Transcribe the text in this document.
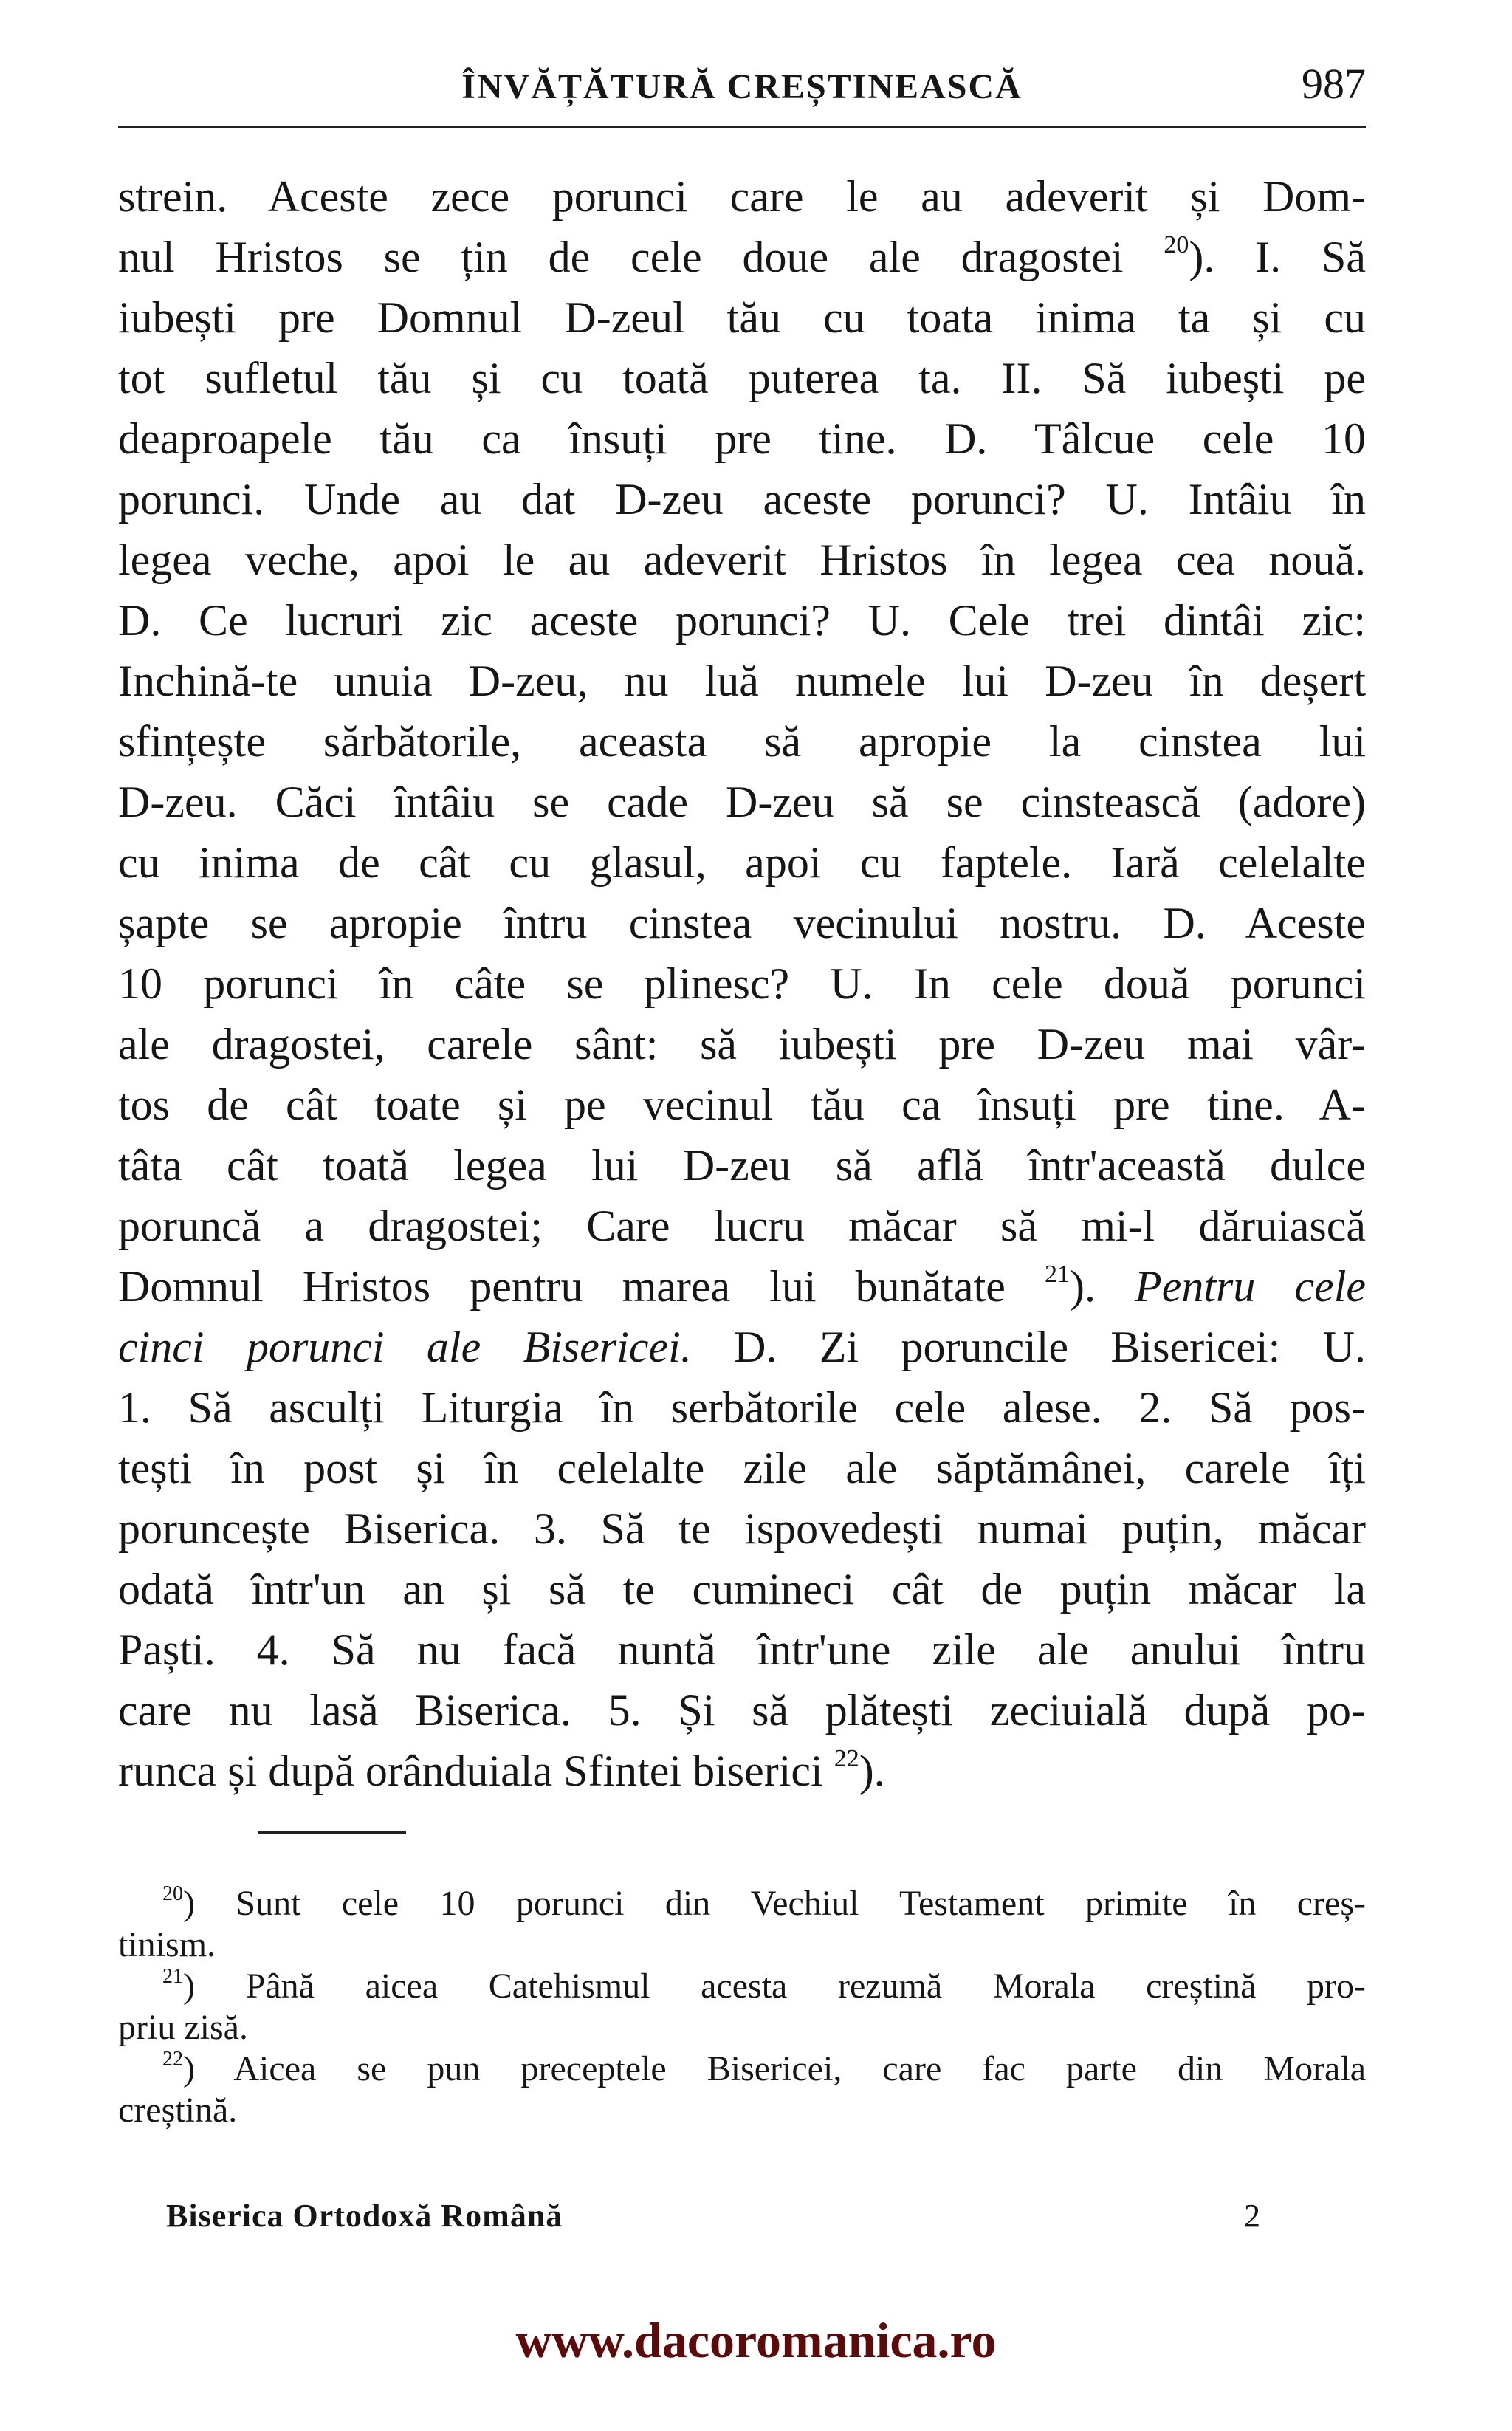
ÎNVĂȚĂTURĂ CREȘTINEASCĂ	987
strein. Aceste zece porunci care le au adeverit și Dom-
nul Hristos se țin de cele doue ale dragostei $^{20}$). I. Să
iubești pre Domnul D-zeul tău cu toata inima ta și cu
tot sufletul tău și cu toată puterea ta. II. Să iubești pe
deaproapele tău ca însuți pre tine. D. Tâlcue cele 10
porunci. Unde au dat D-zeu aceste porunci? U. Intâiu în
legea veche, apoi le au adeverit Hristos în legea cea nouă.
D. Ce lucruri zic aceste porunci? U. Cele trei dintâi zic:
Inchină-te unuia D-zeu, nu luă numele lui D-zeu în deșert
sfințește sărbătorile, aceasta să apropie la cinstea lui
D-zeu. Căci întâiu se cade D-zeu să se cinstească (adore)
cu inima de cât cu glasul, apoi cu faptele. Iară celelalte
șapte se apropie întru cinstea vecinului nostru. D. Aceste
10 porunci în câte se plinesc? U. In cele două porunci
ale dragostei, carele sânt: să iubești pre D-zeu mai vâr-
tos de cât toate și pe vecinul tău ca însuți pre tine. A-
tâta cât toată legea lui D-zeu să află într'această dulce
poruncă a dragostei; Care lucru măcar să mi-l dăruiască
Domnul Hristos pentru marea lui bunătate $^{21}$). Pentru cele
cinci porunci ale Bisericei. D. Zi poruncile Bisericei: U.
1. Să asculți Liturgia în serbătorile cele alese. 2. Să pos-
tești în post și în celelalte zile ale săptămânei, carele îți
poruncește Biserica. 3. Să te ispovedești numai puțin, măcar
odată într'un an și să te cumineci cât de puțin măcar la
Paști. 4. Să nu facă nuntă într'une zile ale anului întru
care nu lasă Biserica. 5. Și să plătești zeciuială după po-
runca și după orânduiala Sfintei biserici $^{22}$).
$^{20}$) Sunt cele 10 porunci din Vechiul Testament primite în creș-
tinism.
$^{21}$) Până aicea Catehismul acesta rezumă Morala creștină pro-
priu zisă.
$^{22}$) Aicea se pun preceptele Bisericei, care fac parte din Morala
creștină.
Biserica Ortodoxă Română	2
www.dacoromanica.ro
